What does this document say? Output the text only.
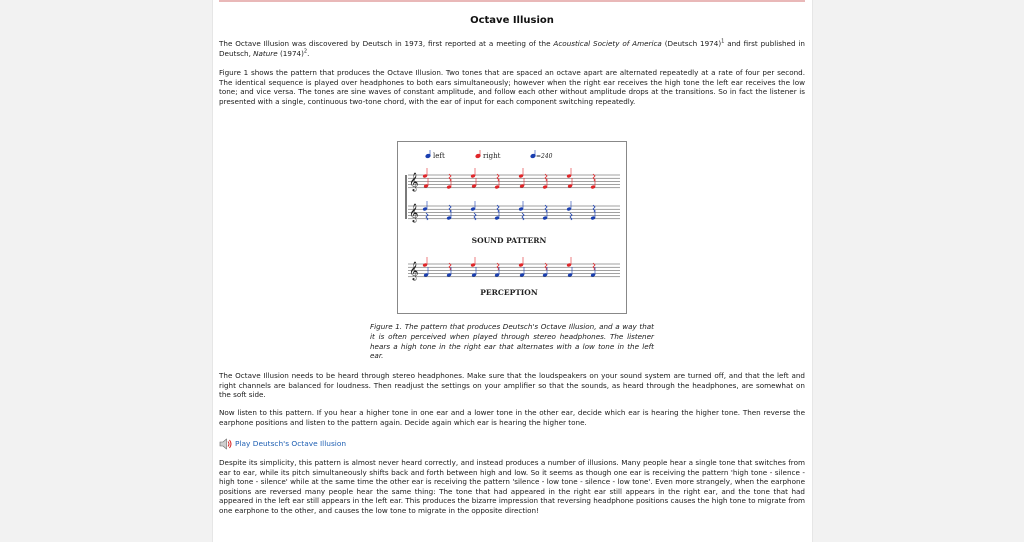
Octave Illusion

The Octave Illusion was discovered by Deutsch in 1973, first reported at a meeting of the Acoustical Society of America (Deutsch 1974)$^1$ and first published in Deutsch, Nature $(1974)^2$.

Figure 1 shows the pattern that produces the Octave Illusion. Two tones that are spaced an octave apart are alternated repeatedly at a rate of four per second. The identical sequence is played over headphones to both ears simultaneously; however when the right ear receives the high tone the left ear receives the low tone; and vice versa. The tones are sine waves of constant amplitude, and follow each other without amplitude drops at the transitions. So in fact the listener is presented with a single, continuous two-tone chord, with the ear of input for each component switching repeatedly.

left	right	=240
𝄞
𝄞
𝄞
SOUND PATTERN
PERCEPTION

Figure 1. The pattern that produces Deutsch's Octave Illusion, and a way that it is often perceived when played through stereo headphones. The listener hears a high tone in the right ear that alternates with a low tone in the left ear.

The Octave Illusion needs to be heard through stereo headphones. Make sure that the loudspeakers on your sound system are turned off, and that the left and right channels are balanced for loudness. Then readjust the settings on your amplifier so that the sounds, as heard through the headphones, are somewhat on the soft side.

Now listen to this pattern. If you hear a higher tone in one ear and a lower tone in the other ear, decide which ear is hearing the higher tone. Then reverse the earphone positions and listen to the pattern again. Decide again which ear is hearing the higher tone.

Play Deutsch's Octave Illusion

Despite its simplicity, this pattern is almost never heard correctly, and instead produces a number of illusions. Many people hear a single tone that switches from ear to ear, while its pitch simultaneously shifts back and forth between high and low. So it seems as though one ear is receiving the pattern 'high tone - silence - high tone - silence' while at the same time the other ear is receiving the pattern 'silence - low tone - silence - low tone'. Even more strangely, when the earphone positions are reversed many people hear the same thing: The tone that had appeared in the right ear still appears in the right ear, and the tone that had appeared in the left ear still appears in the left ear. This produces the bizarre impression that reversing headphone positions causes the high tone to migrate from one earphone to the other, and causes the low tone to migrate in the opposite direction!
